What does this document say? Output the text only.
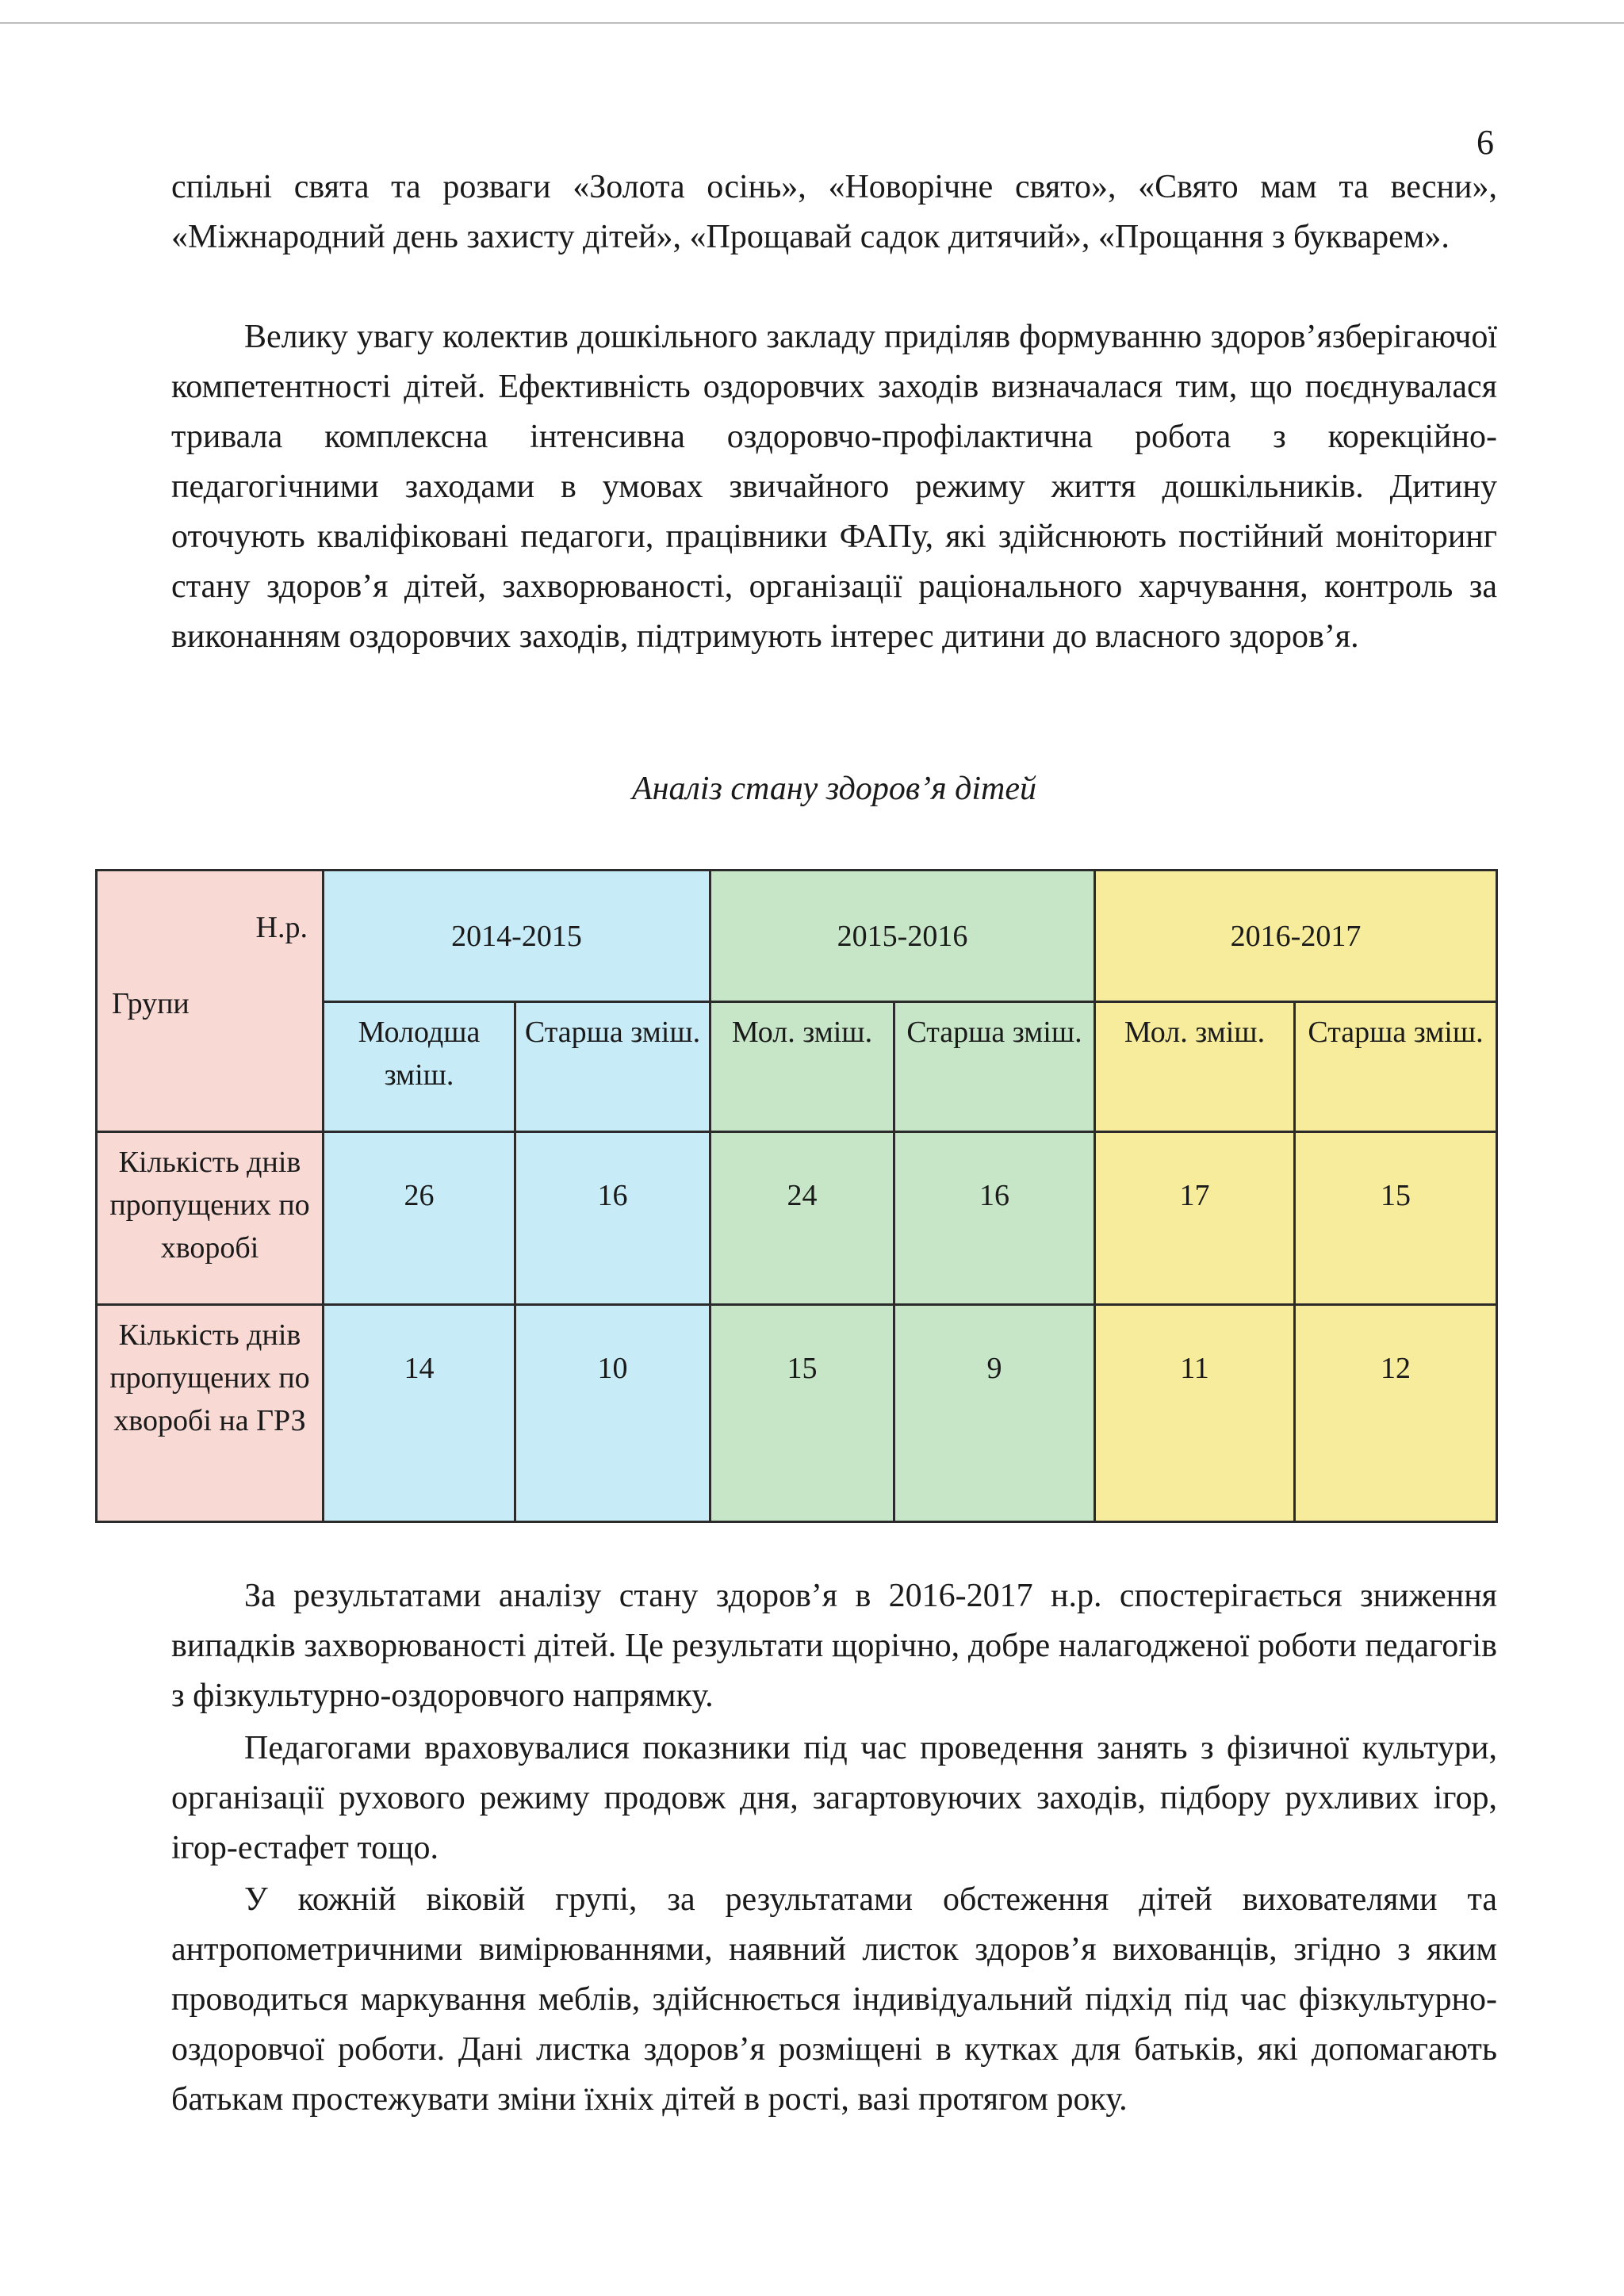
6

спільні свята та розваги «Золота осінь», «Новорічне свято», «Свято мам та весни», «Міжнародний день захисту дітей», «Прощавай садок дитячий», «Прощання з букварем».

Велику увагу колектив дошкільного закладу приділяв формуванню здоров’язберігаючої компетентності дітей. Ефективність оздоровчих заходів визначалася тим, що поєднувалася тривала комплексна інтенсивна оздоровчо-профілактична робота з корекційно-педагогічними заходами в умовах звичайного режиму життя дошкільників. Дитину оточують кваліфіковані педагоги, працівники ФАПу, які здійснюють постійний моніторинг стану здоров’я дітей, захворюваності, організації раціонального харчування, контроль за виконанням оздоровчих заходів, підтримують інтерес дитини до власного здоров’я.

Аналіз стану здоров’я дітей
Н.р.
Групи	2014-2015		2015-2016		2016-2017	
	Молодша зміш.	Старша зміш.	Мол. зміш.	Старша зміш.	Мол. зміш.	Старша зміш.
Кількість днів пропущених по хворобі	26	16	24	16	17	15
Кількість днів пропущених по хворобі на ГРЗ	14	10	15	9	11	12

За результатами аналізу стану здоров’я в 2016-2017 н.р. спостерігається зниження випадків захворюваності дітей. Це результати щорічно, добре налагодженої роботи педагогів з фізкультурно-оздоровчого напрямку.

Педагогами враховувалися показники під час проведення занять з фізичної культури, організації рухового режиму продовж дня, загартовуючих заходів, підбору рухливих ігор, ігор-естафет тощо.

У кожній віковій групі, за результатами обстеження дітей вихователями та антропометричними вимірюваннями, наявний листок здоров’я вихованців, згідно з яким проводиться маркування меблів, здійснюється індивідуальний підхід під час фізкультурно-оздоровчої роботи. Дані листка здоров’я розміщені в кутках для батьків, які допомагають батькам простежувати зміни їхніх дітей в рості, вазі протягом року.
